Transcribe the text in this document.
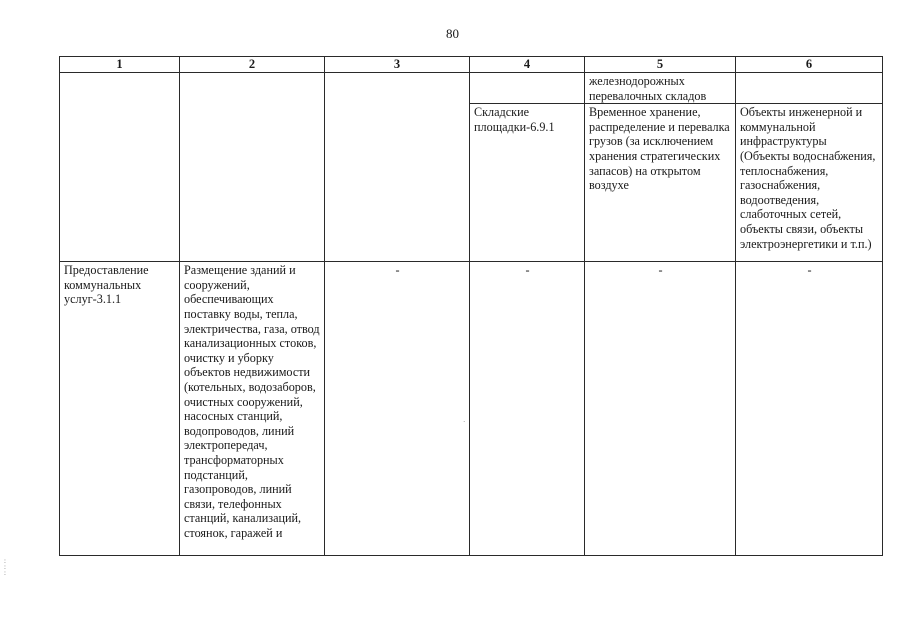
80
1	2	3	4	5	6
				железнодорожных перевалочных складов	
			Складские площадки-6.9.1	Временное хранение, распределение и перевалка грузов (за исключением хранения стратегических запасов) на открытом воздухе	Объекты инженерной и коммунальной инфраструктуры (Объекты водоснабжения, теплоснабжения, газоснабжения, водоотведения, слаботочных сетей, объекты связи, объекты электроэнергетики и т.п.)
Предоставление коммунальных услуг-3.1.1	Размещение зданий и сооружений, обеспечивающих поставку воды, тепла, электричества, газа, отвод канализационных стоков, очистку и уборку объектов недвижимости (котельных, водозаборов, очистных сооружений, насосных станций, водопроводов, линий электропередач, трансформаторных подстанций, газопроводов, линий связи, телефонных станций, канализаций, стоянок, гаражей и	-	-	-	-
·
:
:
:
